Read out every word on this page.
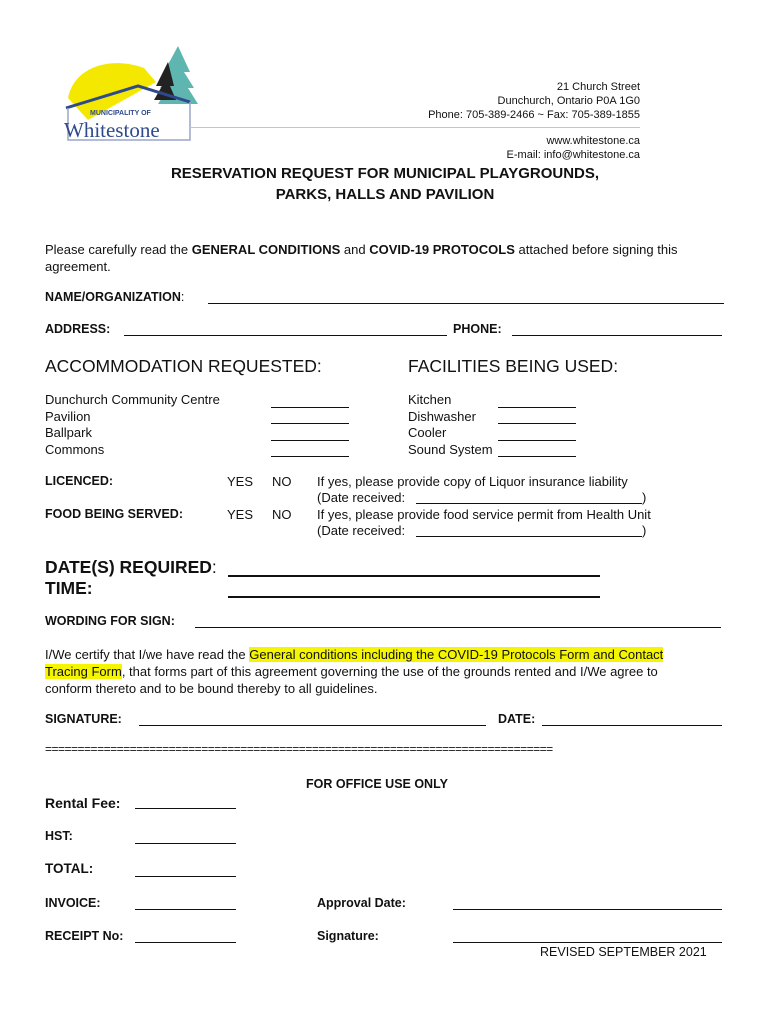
MUNICIPALITY OF
Whitestone
21 Church Street
Dunchurch, Ontario P0A 1G0
Phone: 705-389-2466 ~ Fax: 705-389-1855
www.whitestone.ca
E-mail: info@whitestone.ca
RESERVATION REQUEST FOR MUNICIPAL PLAYGROUNDS,
PARKS, HALLS AND PAVILION
Please carefully read the GENERAL CONDITIONS and COVID-19 PROTOCOLS attached before signing this
agreement.
NAME/ORGANIZATION:
ADDRESS:	PHONE:
ACCOMMODATION REQUESTED:	FACILITIES BEING USED:
Dunchurch Community Centre
Pavilion
Ballpark
Commons
Kitchen
Dishwasher
Cooler
Sound System
LICENCED:	YES NO If yes, please provide copy of Liquor insurance liability
(Date received:	)
FOOD BEING SERVED:	YES NO If yes, please provide food service permit from Health Unit
(Date received:	)
DATE(S) REQUIRED:
TIME:
WORDING FOR SIGN:
I/We certify that I/we have read the General conditions including the COVID-19 Protocols Form and Contact
Tracing Form, that forms part of this agreement governing the use of the grounds rented and I/We agree to
conform thereto and to be bound thereby to all guidelines.
SIGNATURE:	DATE:
==============================================================================
FOR OFFICE USE ONLY
Rental Fee:
HST:
TOTAL:
INVOICE:	Approval Date:
RECEIPT No:	Signature:
REVISED SEPTEMBER 2021
